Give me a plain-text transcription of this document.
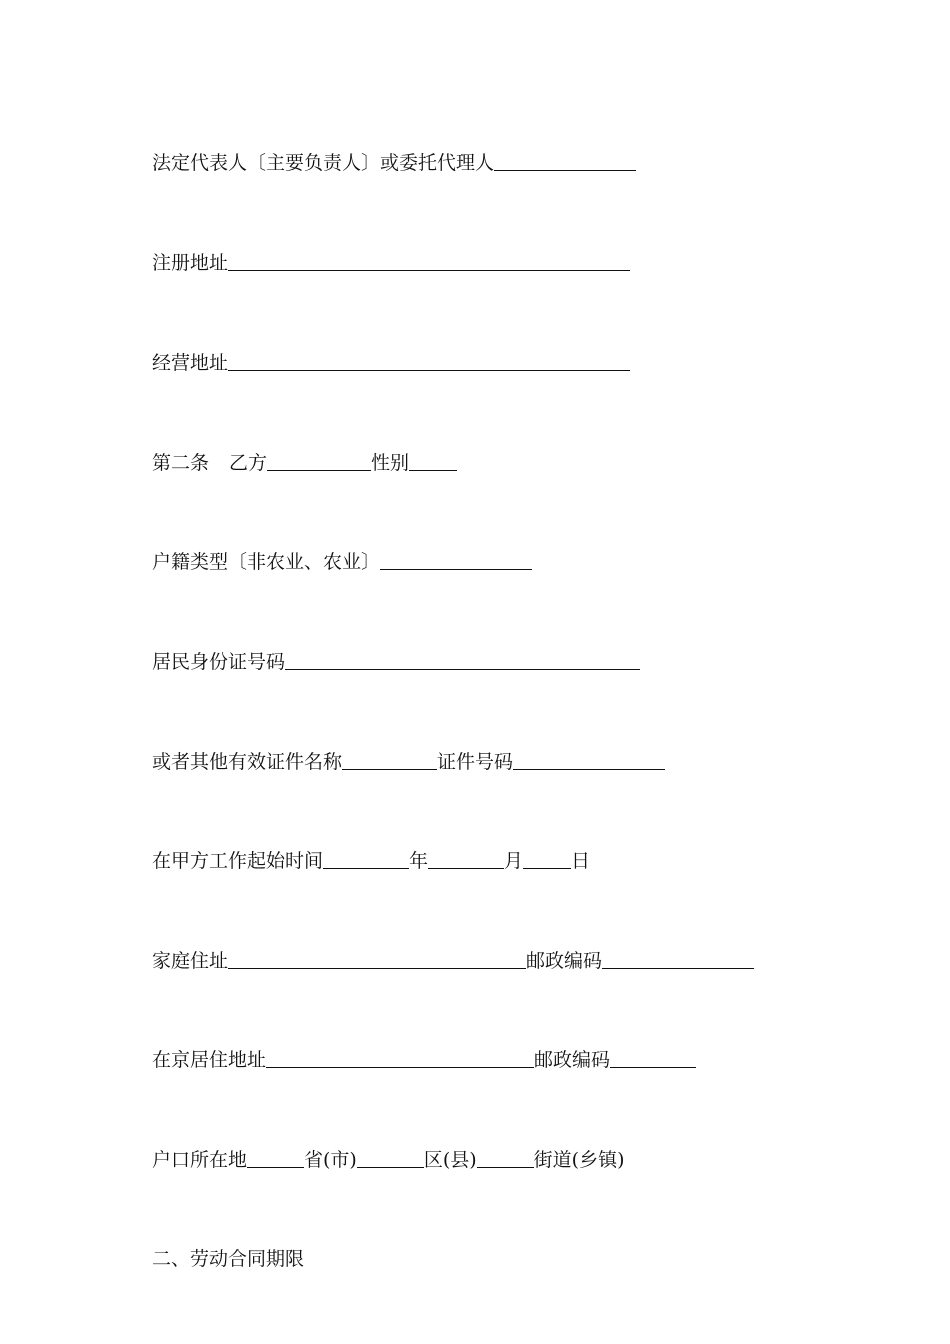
法定代表人〔主要负责人〕或委托代理人
注册地址
经营地址
第二条 乙方	性别
户籍类型〔非农业、农业〕
居民身份证号码
或者其他有效证件名称	证件号码
在甲方工作起始时间	年	月	日
家庭住址	邮政编码
在京居住地址	邮政编码
户口所在地	省(市)	区(县)	街道(乡镇)
二、劳动合同期限
